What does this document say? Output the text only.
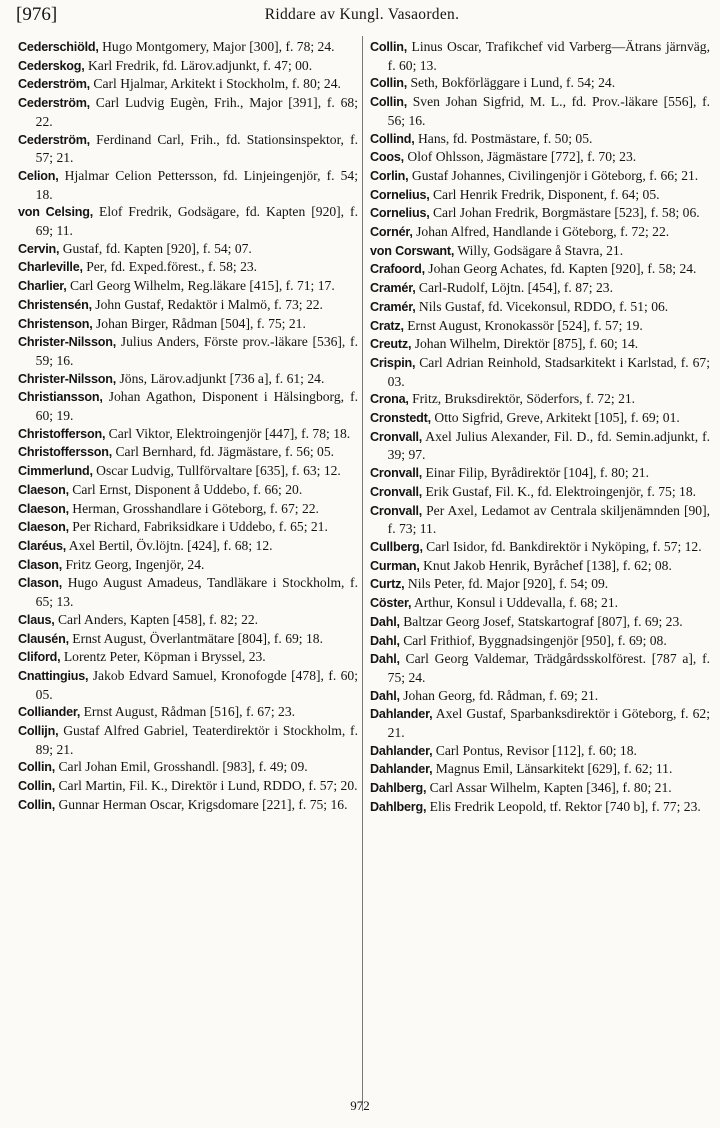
[976]	Riddare av Kungl. Vasaorden.
Cederschiöld, Hugo Montgomery, Major [300], f. 78; 24.
Cederskog, Karl Fredrik, fd. Lärov.adjunkt, f. 47; 00.
Cederström, Carl Hjalmar, Arkitekt i Stockholm, f. 80; 24.
Cederström, Carl Ludvig Eugèn, Frih., Major [391], f. 68; 22.
Cederström, Ferdinand Carl, Frih., fd. Stationsinspektor, f. 57; 21.
Celion, Hjalmar Celion Pettersson, fd. Linjeingenjör, f. 54; 18.
von Celsing, Elof Fredrik, Godsägare, fd. Kapten [920], f. 69; 11.
Cervin, Gustaf, fd. Kapten [920], f. 54; 07.
Charleville, Per, fd. Exped.förest., f. 58; 23.
Charlier, Carl Georg Wilhelm, Reg.läkare [415], f. 71; 17.
Christensén, John Gustaf, Redaktör i Malmö, f. 73; 22.
Christenson, Johan Birger, Rådman [504], f. 75; 21.
Christer-Nilsson, Julius Anders, Förste prov.-läkare [536], f. 59; 16.
Christer-Nilsson, Jöns, Lärov.adjunkt [736 a], f. 61; 24.
Christiansson, Johan Agathon, Disponent i Hälsingborg, f. 60; 19.
Christofferson, Carl Viktor, Elektroingenjör [447], f. 78; 18.
Christoffersson, Carl Bernhard, fd. Jägmästare, f. 56; 05.
Cimmerlund, Oscar Ludvig, Tullförvaltare [635], f. 63; 12.
Claeson, Carl Ernst, Disponent å Uddebo, f. 66; 20.
Claeson, Herman, Grosshandlare i Göteborg, f. 67; 22.
Claeson, Per Richard, Fabriksidkare i Uddebo, f. 65; 21.
Claréus, Axel Bertil, Öv.löjtn. [424], f. 68; 12.
Clason, Fritz Georg, Ingenjör, 24.
Clason, Hugo August Amadeus, Tandläkare i Stockholm, f. 65; 13.
Claus, Carl Anders, Kapten [458], f. 82; 22.
Clausén, Ernst August, Överlantmätare [804], f. 69; 18.
Cliford, Lorentz Peter, Köpman i Bryssel, 23.
Cnattingius, Jakob Edvard Samuel, Kronofogde [478], f. 60; 05.
Colliander, Ernst August, Rådman [516], f. 67; 23.
Collijn, Gustaf Alfred Gabriel, Teaterdirektör i Stockholm, f. 89; 21.
Collin, Carl Johan Emil, Grosshandl. [983], f. 49; 09.
Collin, Carl Martin, Fil. K., Direktör i Lund, RDDO, f. 57; 20.
Collin, Gunnar Herman Oscar, Krigsdomare [221], f. 75; 16.
Collin, Linus Oscar, Trafikchef vid Varberg—Ätrans järnväg, f. 60; 13.
Collin, Seth, Bokförläggare i Lund, f. 54; 24.
Collin, Sven Johan Sigfrid, M. L., fd. Prov.-läkare [556], f. 56; 16.
Collind, Hans, fd. Postmästare, f. 50; 05.
Coos, Olof Ohlsson, Jägmästare [772], f. 70; 23.
Corlin, Gustaf Johannes, Civilingenjör i Göteborg, f. 66; 21.
Cornelius, Carl Henrik Fredrik, Disponent, f. 64; 05.
Cornelius, Carl Johan Fredrik, Borgmästare [523], f. 58; 06.
Cornér, Johan Alfred, Handlande i Göteborg, f. 72; 22.
von Corswant, Willy, Godsägare å Stavra, 21.
Crafoord, Johan Georg Achates, fd. Kapten [920], f. 58; 24.
Cramér, Carl-Rudolf, Löjtn. [454], f. 87; 23.
Cramér, Nils Gustaf, fd. Vicekonsul, RDDO, f. 51; 06.
Cratz, Ernst August, Kronokassör [524], f. 57; 19.
Creutz, Johan Wilhelm, Direktör [875], f. 60; 14.
Crispin, Carl Adrian Reinhold, Stadsarkitekt i Karlstad, f. 67; 03.
Crona, Fritz, Bruksdirektör, Söderfors, f. 72; 21.
Cronstedt, Otto Sigfrid, Greve, Arkitekt [105], f. 69; 01.
Cronvall, Axel Julius Alexander, Fil. D., fd. Semin.adjunkt, f. 39; 97.
Cronvall, Einar Filip, Byrådirektör [104], f. 80; 21.
Cronvall, Erik Gustaf, Fil. K., fd. Elektroingenjör, f. 75; 18.
Cronvall, Per Axel, Ledamot av Centrala skiljenämnden [90], f. 73; 11.
Cullberg, Carl Isidor, fd. Bankdirektör i Nyköping, f. 57; 12.
Curman, Knut Jakob Henrik, Byråchef [138], f. 62; 08.
Curtz, Nils Peter, fd. Major [920], f. 54; 09.
Cöster, Arthur, Konsul i Uddevalla, f. 68; 21.
Dahl, Baltzar Georg Josef, Statskartograf [807], f. 69; 23.
Dahl, Carl Frithiof, Byggnadsingenjör [950], f. 69; 08.
Dahl, Carl Georg Valdemar, Trädgårdsskolförest. [787 a], f. 75; 24.
Dahl, Johan Georg, fd. Rådman, f. 69; 21.
Dahlander, Axel Gustaf, Sparbanksdirektör i Göteborg, f. 62; 21.
Dahlander, Carl Pontus, Revisor [112], f. 60; 18.
Dahlander, Magnus Emil, Länsarkitekt [629], f. 62; 11.
Dahlberg, Carl Assar Wilhelm, Kapten [346], f. 80; 21.
Dahlberg, Elis Fredrik Leopold, tf. Rektor [740 b], f. 77; 23.
972
